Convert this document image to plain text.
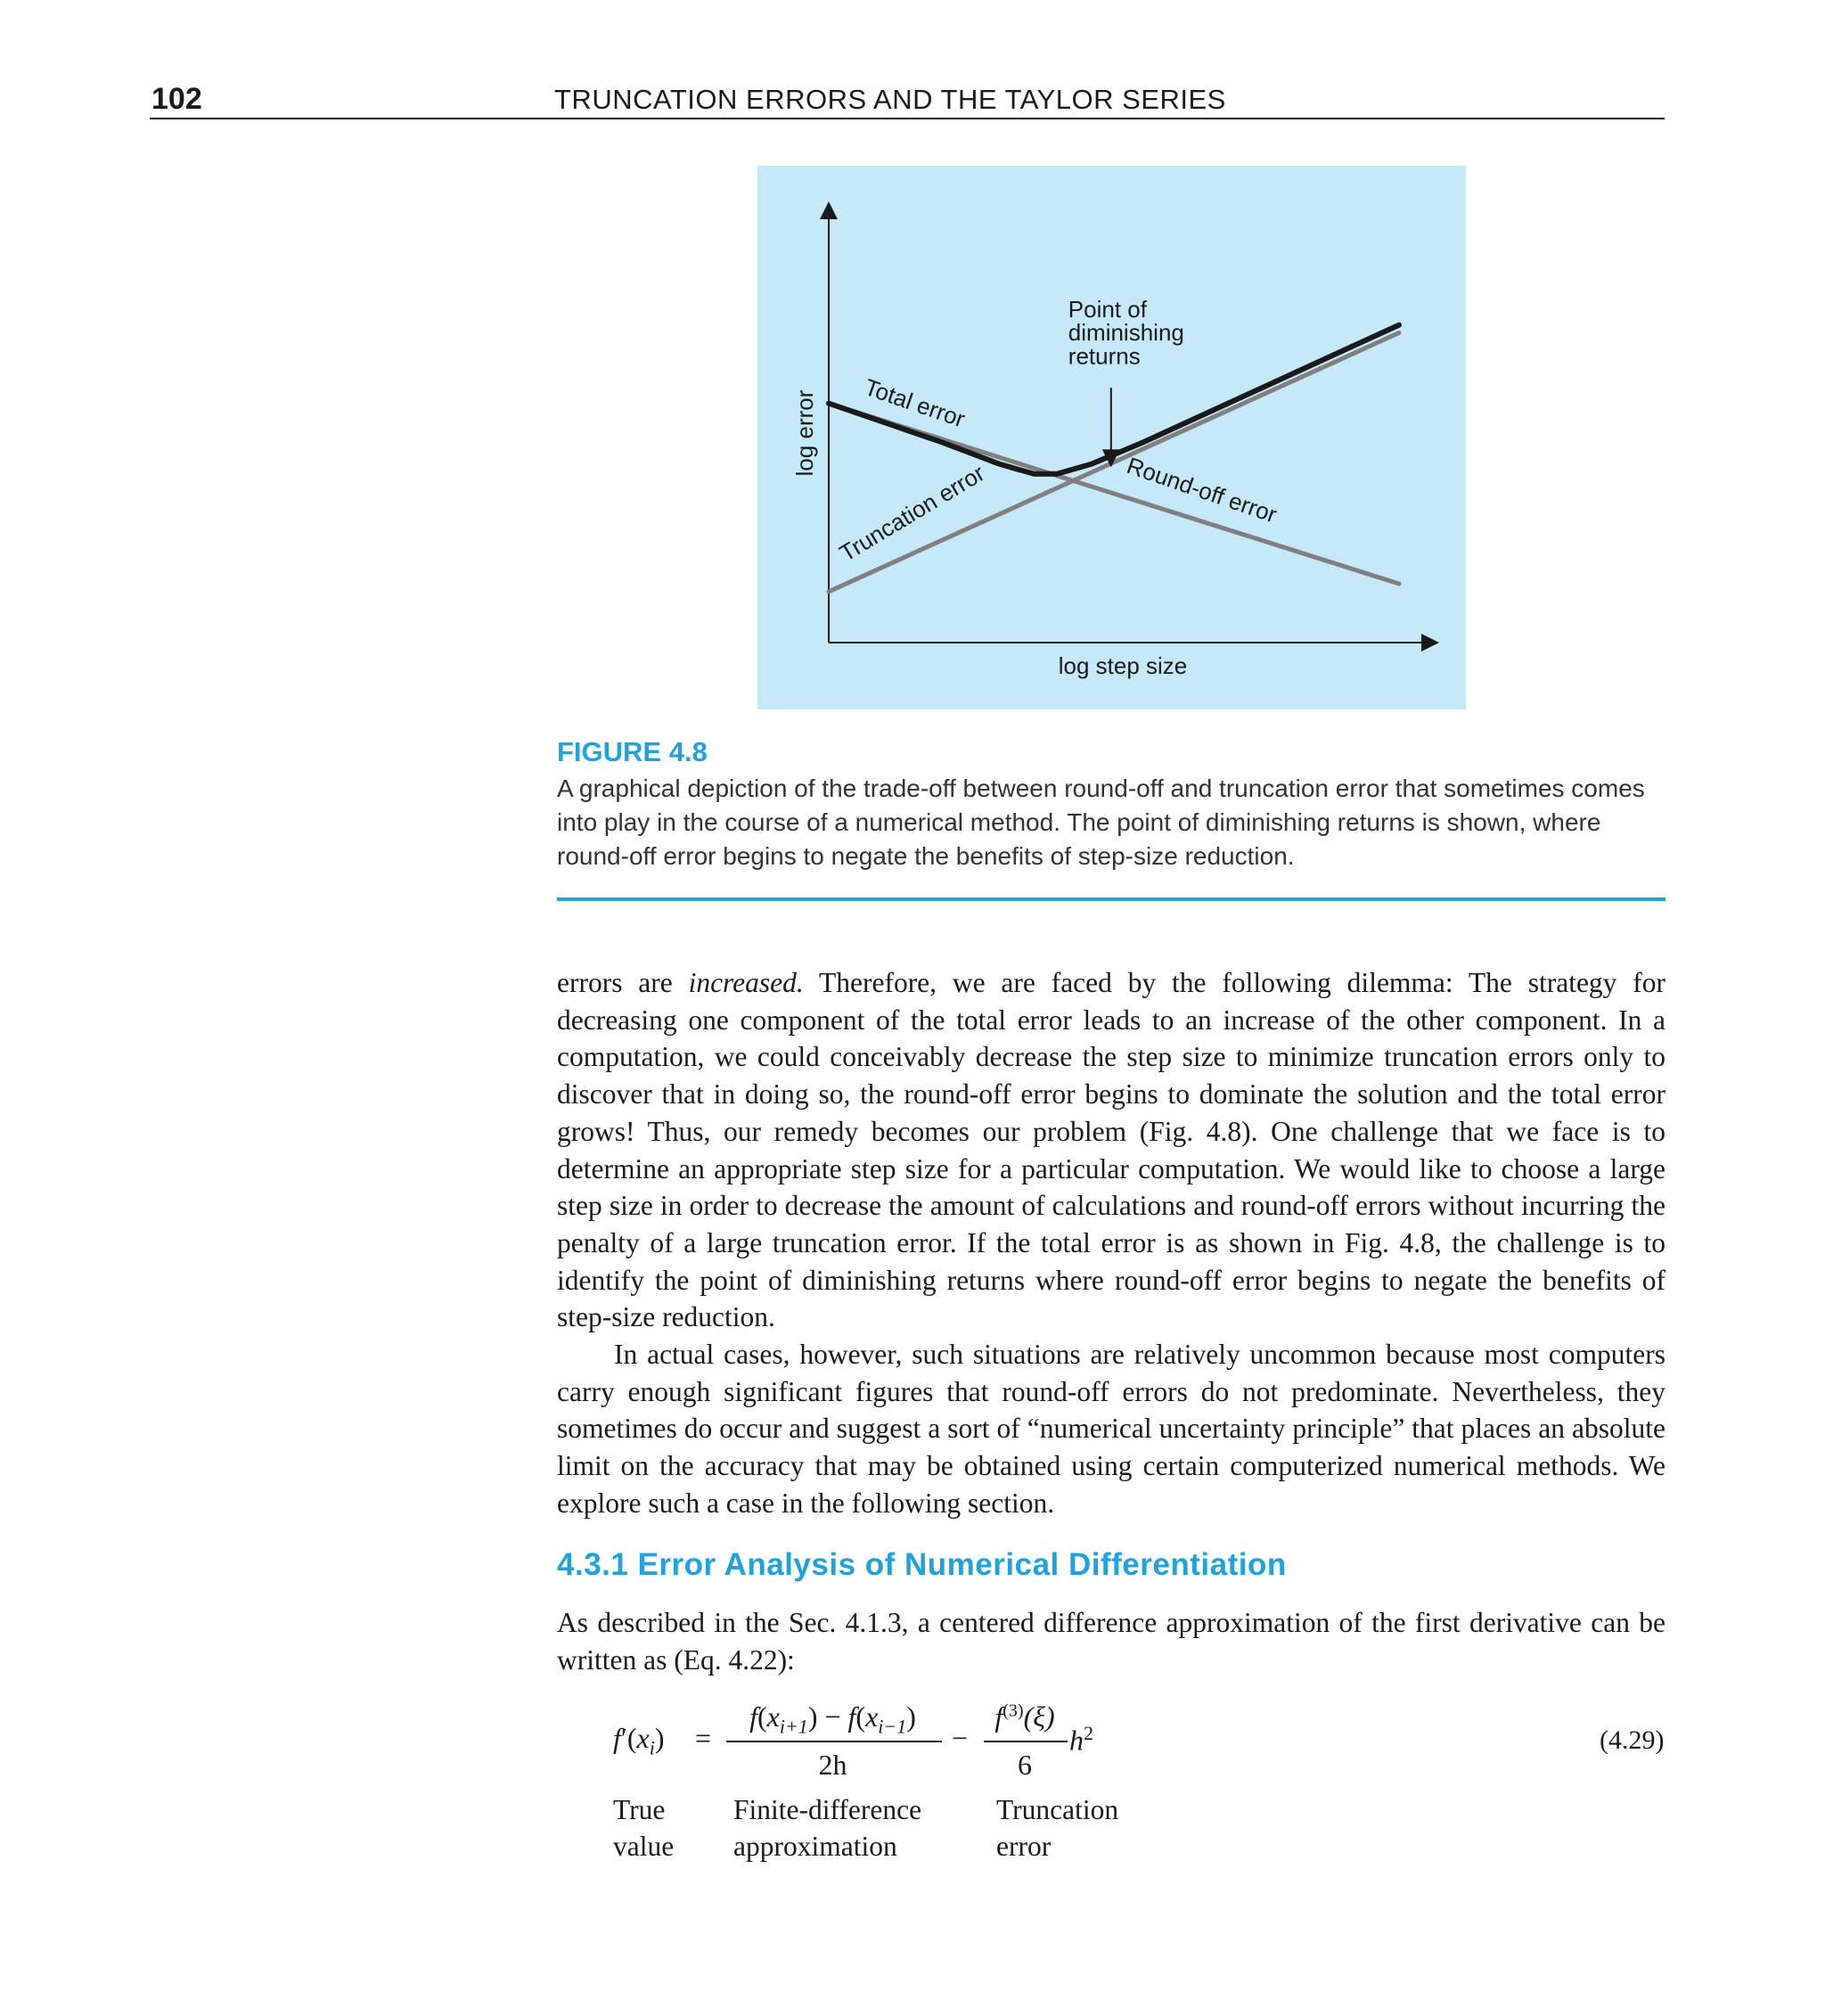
102	TRUNCATION ERRORS AND THE TAYLOR SERIES
log step size
log error Total error
Truncation error	Round-off error
Point of
diminishing
returns
FIGURE 4.8
A graphical depiction of the trade-off between round-off and truncation error that sometimes comes into play in the course of a numerical method. The point of diminishing returns is shown, where round-off error begins to negate the benefits of step-size reduction.

errors are increased. Therefore, we are faced by the following dilemma: The strategy for decreasing one component of the total error leads to an increase of the other component. In a computation, we could conceivably decrease the step size to minimize truncation errors only to discover that in doing so, the round-off error begins to dominate the solution and the total error grows! Thus, our remedy becomes our problem (Fig. 4.8). One challenge that we face is to determine an appropriate step size for a particular computation. We would like to choose a large step size in order to decrease the amount of calculations and round-off errors without incurring the penalty of a large truncation error. If the total error is as shown in Fig. 4.8, the challenge is to identify the point of diminishing returns where round-off error begins to negate the benefits of step-size reduction.

In actual cases, however, such situations are relatively uncommon because most computers carry enough significant figures that round-off errors do not predominate. Nevertheless, they sometimes do occur and suggest a sort of “numerical uncertainty principle” that places an absolute limit on the accuracy that may be obtained using certain computerized numerical methods. We explore such a case in the following section.

4.3.1 Error Analysis of Numerical Differentiation

As described in the Sec. 4.1.3, a centered difference approximation of the first derivative can be written as (Eq. 4.22):

$f'(x_i)$ =
$f(x_{i+1}) - f(x_{i-1})$
2h
−
$f^{(3)}(\xi)$
6
$h^2$	(4.29)
True
value
Finite-difference
approximation
Truncation
error
